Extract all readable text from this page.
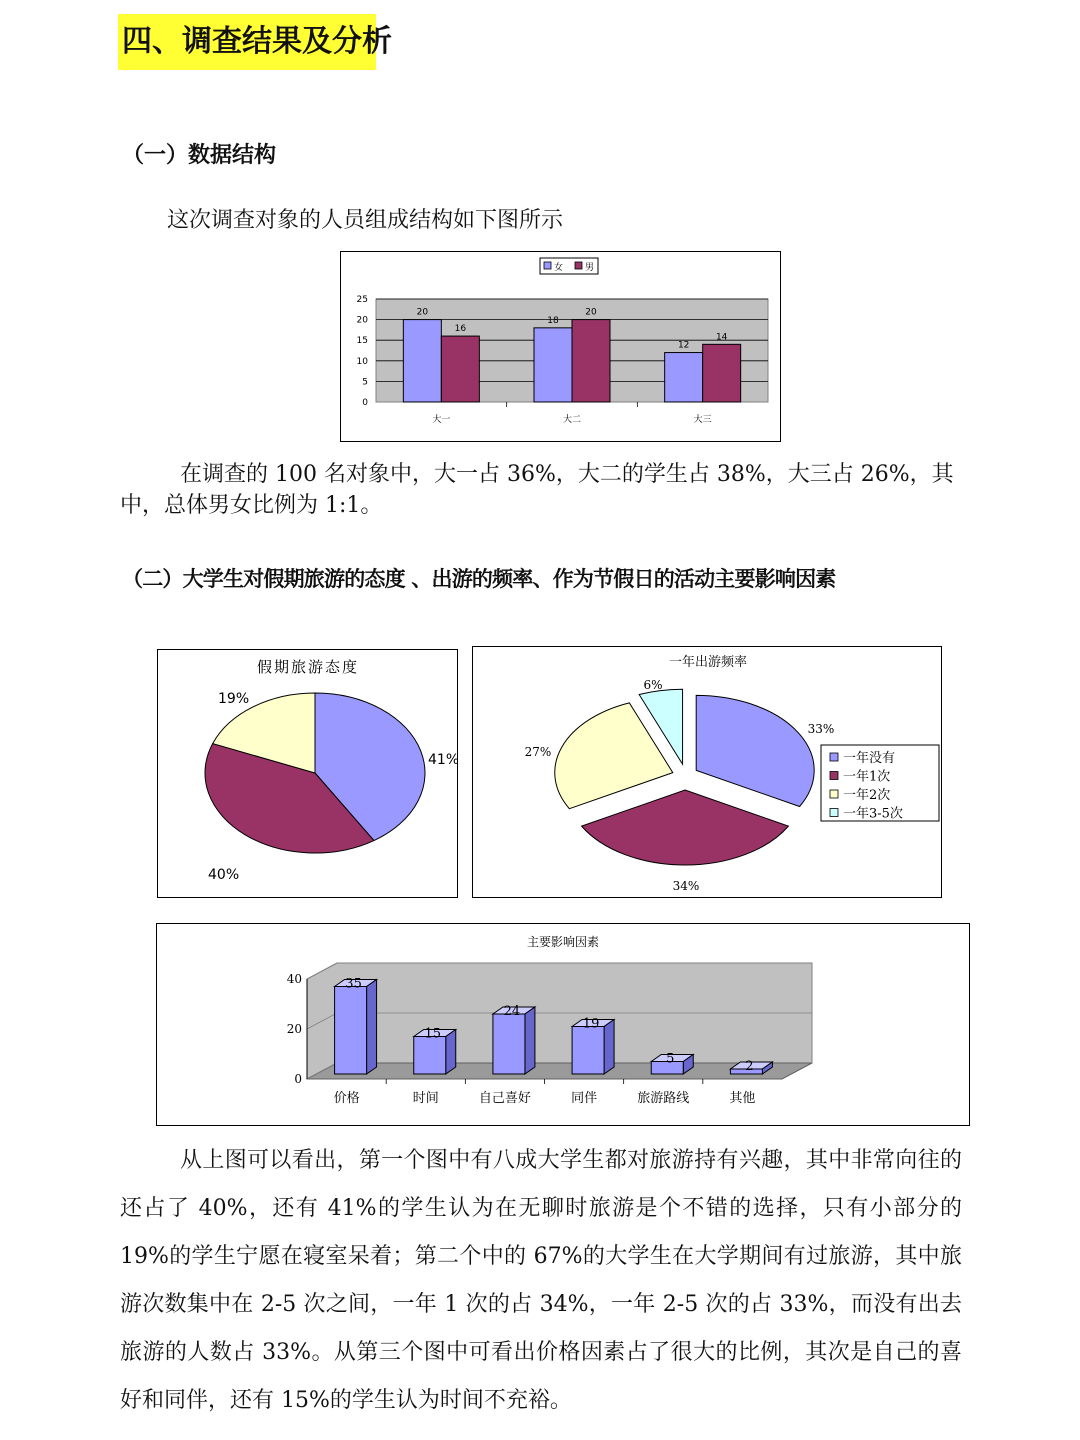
四、调查结果及分析
（一）数据结构
这次调查对象的人员组成结构如下图所示
女 男
0
5
10
15
20
25
20
16
大一
18
20
大二
12
14
大三
在调查的 100 名对象中，大一占 36%，大二的学生占 38%，大三占 26%，其中，总体男女比例为 1:1。
（二）大学生对假期旅游的态度 、出游的频率、作为节假日的活动主要影响因素
假期旅游态度
41%
40%
19%
一年出游频率
33%
34%
27%
6%
一年没有
一年1次
一年2次
一年3-5次
主要影响因素
0
20
40	35
价格
15
时间
24
自己喜好
19
同伴
5
旅游路线
2
其他
从上图可以看出，第一个图中有八成大学生都对旅游持有兴趣，其中非常向往的还占了 40%，还有 41%的学生认为在无聊时旅游是个不错的选择，只有小部分的 19%的学生宁愿在寝室呆着；第二个中的 67%的大学生在大学期间有过旅游，其中旅游次数集中在 2-5 次之间，一年 1 次的占 34%，一年 2-5 次的占 33%，而没有出去旅游的人数占 33%。从第三个图中可看出价格因素占了很大的比例，其次是自己的喜好和同伴，还有 15%的学生认为时间不充裕。
